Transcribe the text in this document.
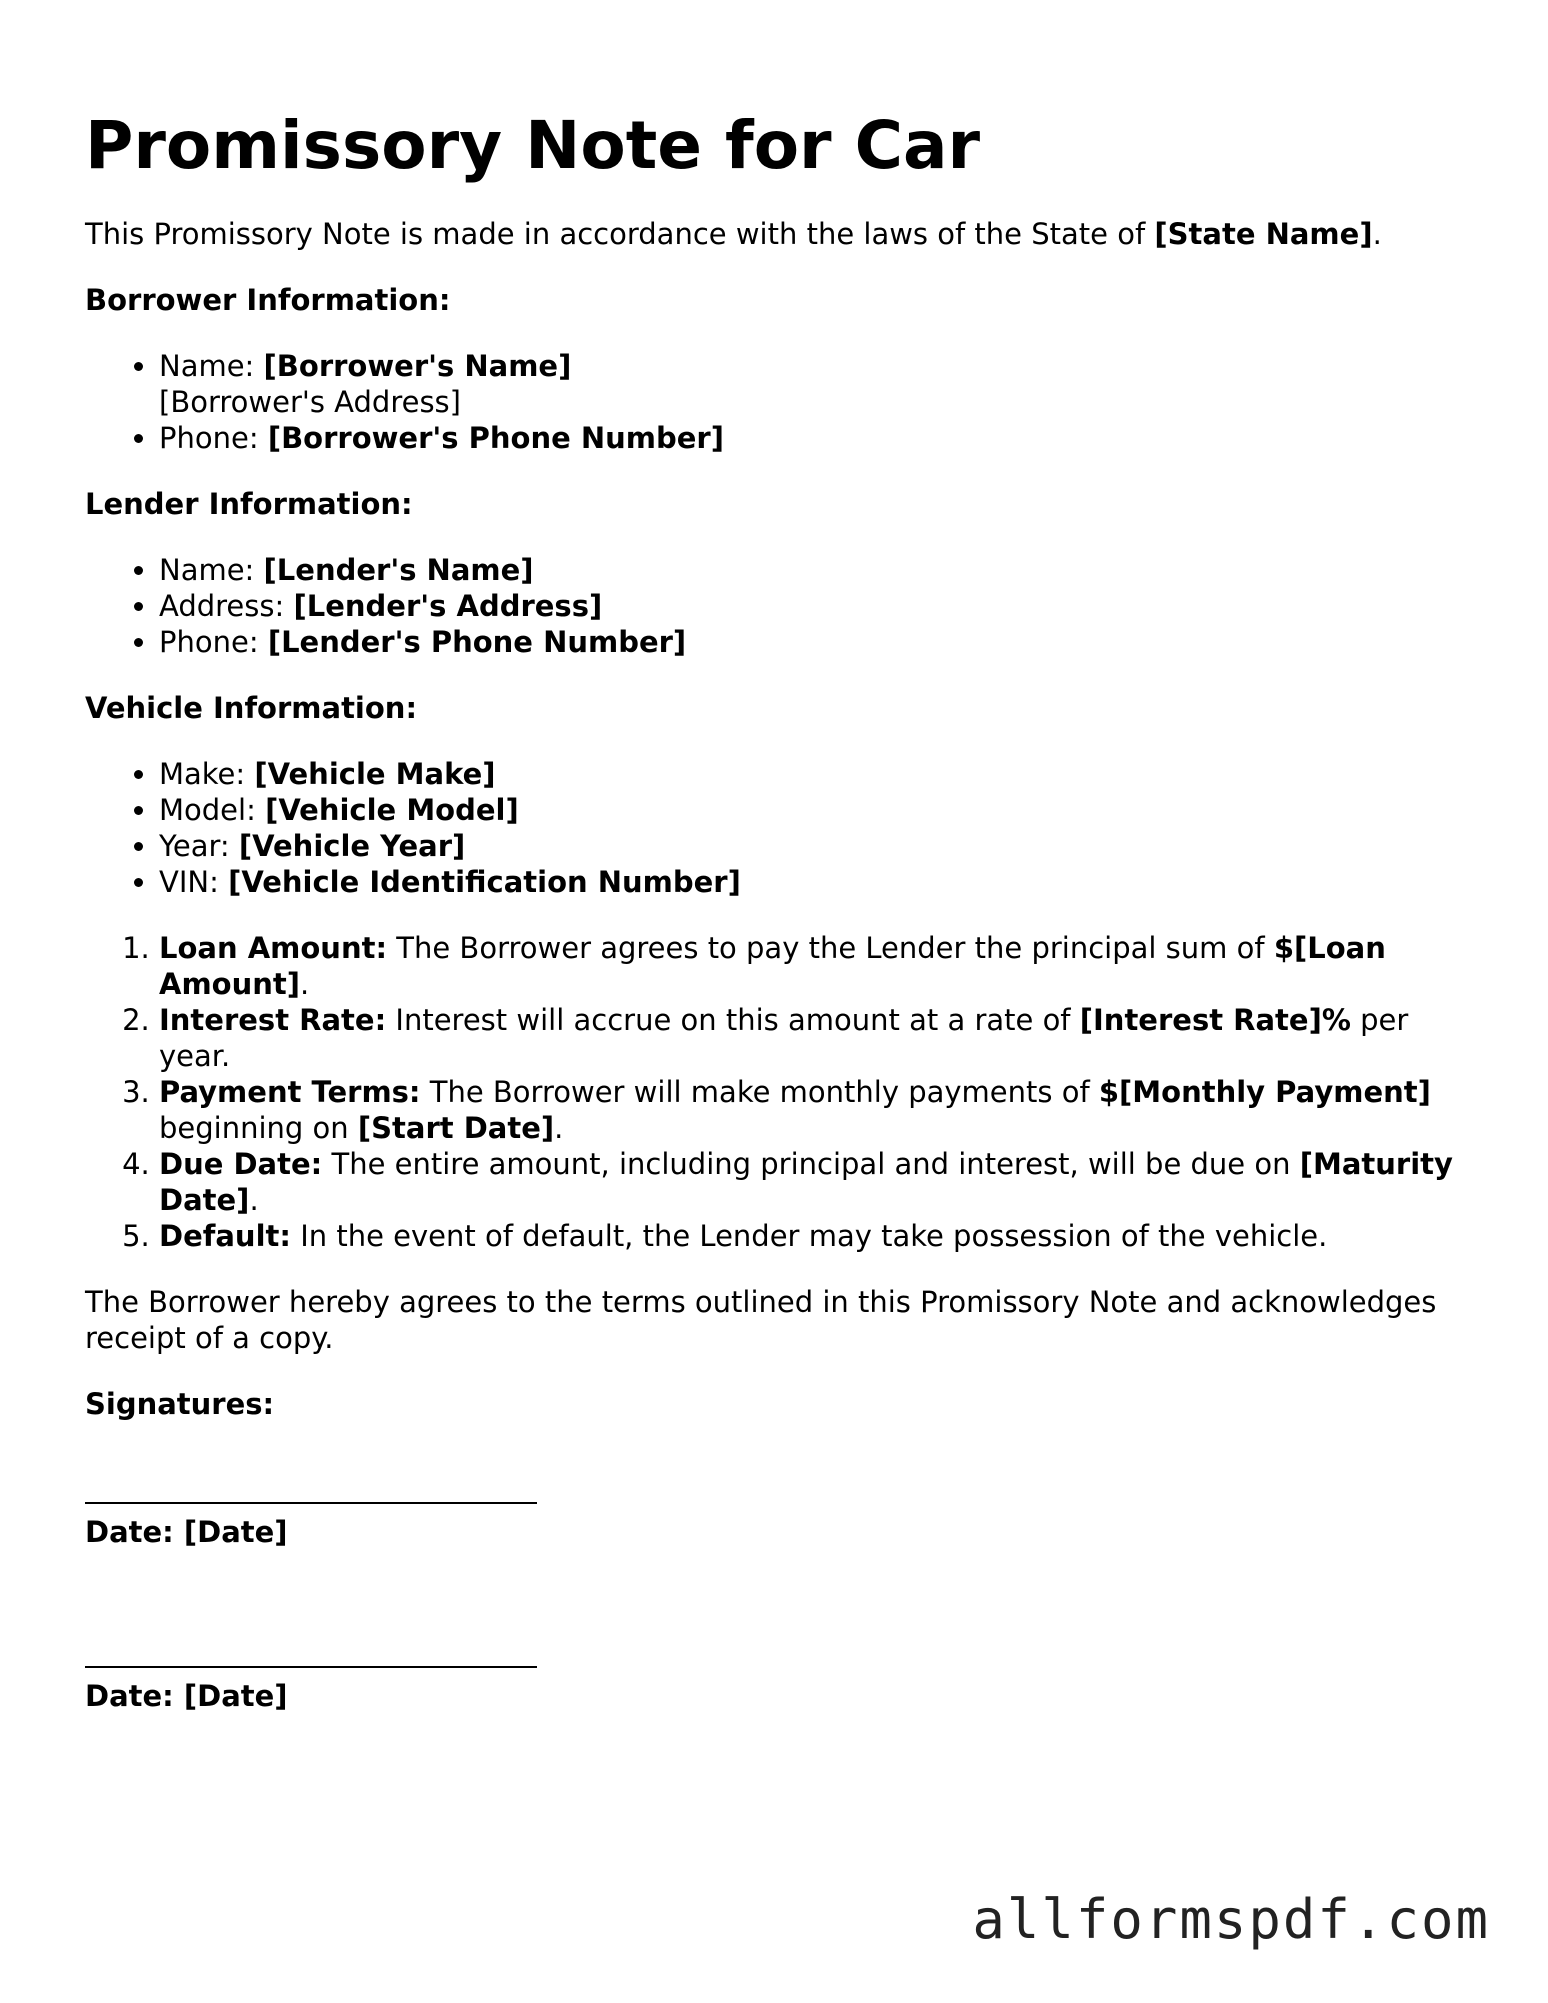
Promissory Note for Car

This Promissory Note is made in accordance with the laws of the State of [State Name].

Borrower Information:

• Name: [Borrower's Name]
[Borrower's Address]
• Phone: [Borrower's Phone Number]

Lender Information:

• Name: [Lender's Name]
• Address: [Lender's Address]
• Phone: [Lender's Phone Number]

Vehicle Information:

• Make: [Vehicle Make]
• Model: [Vehicle Model]
• Year: [Vehicle Year]
• VIN: [Vehicle Identification Number]
1. Loan Amount: The Borrower agrees to pay the Lender the principal sum of $[Loan Amount].
2. Interest Rate: Interest will accrue on this amount at a rate of [Interest Rate]% per year.
3. Payment Terms: The Borrower will make monthly payments of $[Monthly Payment] beginning on [Start Date].
4. Due Date: The entire amount, including principal and interest, will be due on [Maturity Date].
5. Default: In the event of default, the Lender may take possession of the vehicle.

The Borrower hereby agrees to the terms outlined in this Promissory Note and acknowledges receipt of a copy.

Signatures:

Date: [Date]
Date: [Date]
allformspdf.com
